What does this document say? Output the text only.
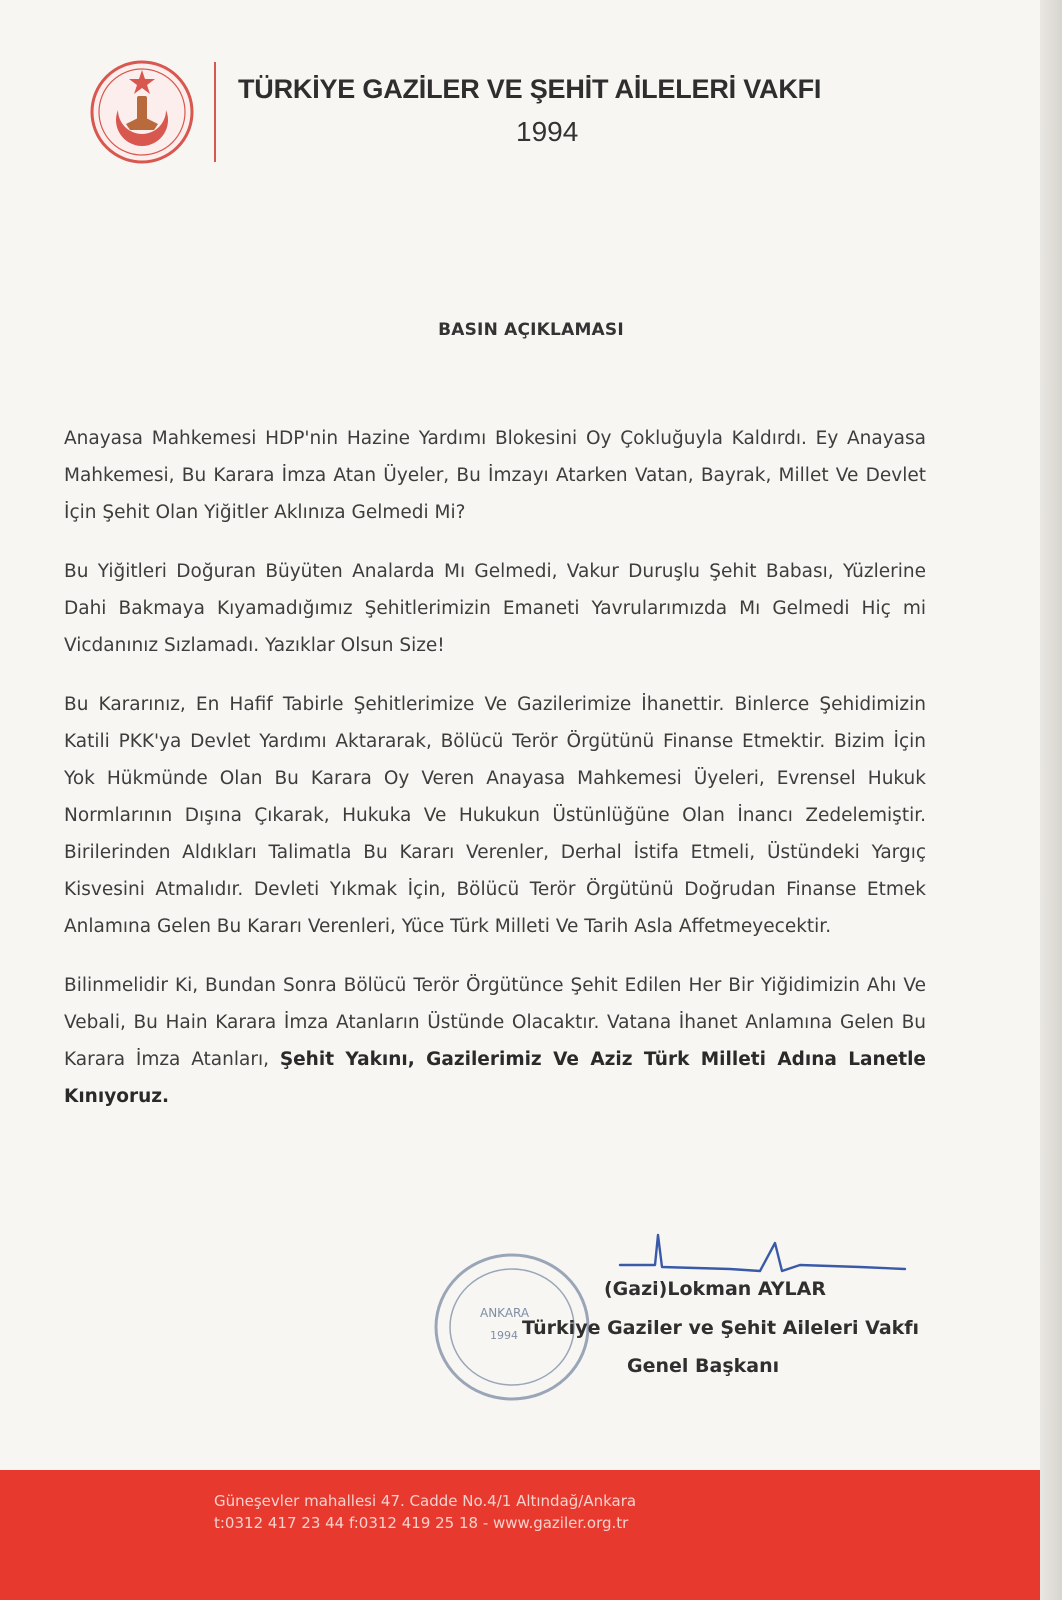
TÜRKİYE GAZİLER VE ŞEHİT AİLELERİ VAKFI
1994
BASIN AÇIKLAMASI

Anayasa Mahkemesi HDP'nin Hazine Yardımı Blokesini Oy Çokluğuyla Kaldırdı. Ey Anayasa Mahkemesi, Bu Karara İmza Atan Üyeler, Bu İmzayı Atarken Vatan, Bayrak, Millet Ve Devlet İçin Şehit Olan Yiğitler Aklınıza Gelmedi Mi?

Bu Yiğitleri Doğuran Büyüten Analarda Mı Gelmedi, Vakur Duruşlu Şehit Babası, Yüzlerine Dahi Bakmaya Kıyamadığımız Şehitlerimizin Emaneti Yavrularımızda Mı Gelmedi Hiç mi Vicdanınız Sızlamadı. Yazıklar Olsun Size!

Bu Kararınız, En Hafif Tabirle Şehitlerimize Ve Gazilerimize İhanettir. Binlerce Şehidimizin Katili PKK'ya Devlet Yardımı Aktararak, Bölücü Terör Örgütünü Finanse Etmektir. Bizim İçin Yok Hükmünde Olan Bu Karara Oy Veren Anayasa Mahkemesi Üyeleri, Evrensel Hukuk Normlarının Dışına Çıkarak, Hukuka Ve Hukukun Üstünlüğüne Olan İnancı Zedelemiştir. Birilerinden Aldıkları Talimatla Bu Kararı Verenler, Derhal İstifa Etmeli, Üstündeki Yargıç Kisvesini Atmalıdır. Devleti Yıkmak İçin, Bölücü Terör Örgütünü Doğrudan Finanse Etmek Anlamına Gelen Bu Kararı Verenleri, Yüce Türk Milleti Ve Tarih Asla Affetmeyecektir.

Bilinmelidir Ki, Bundan Sonra Bölücü Terör Örgütünce Şehit Edilen Her Bir Yiğidimizin Ahı Ve Vebali, Bu Hain Karara İmza Atanların Üstünde Olacaktır. Vatana İhanet Anlamına Gelen Bu Karara İmza Atanları, Şehit Yakını, Gazilerimiz Ve Aziz Türk Milleti Adına Lanetle Kınıyoruz.

ANKARA
1994
(Gazi)Lokman AYLAR
Türkiye Gaziler ve Şehit Aileleri Vakfı
Genel Başkanı
Güneşevler mahallesi 47. Cadde No.4/1 Altındağ/Ankara
t:0312 417 23 44 f:0312 419 25 18 - www.gaziler.org.tr
